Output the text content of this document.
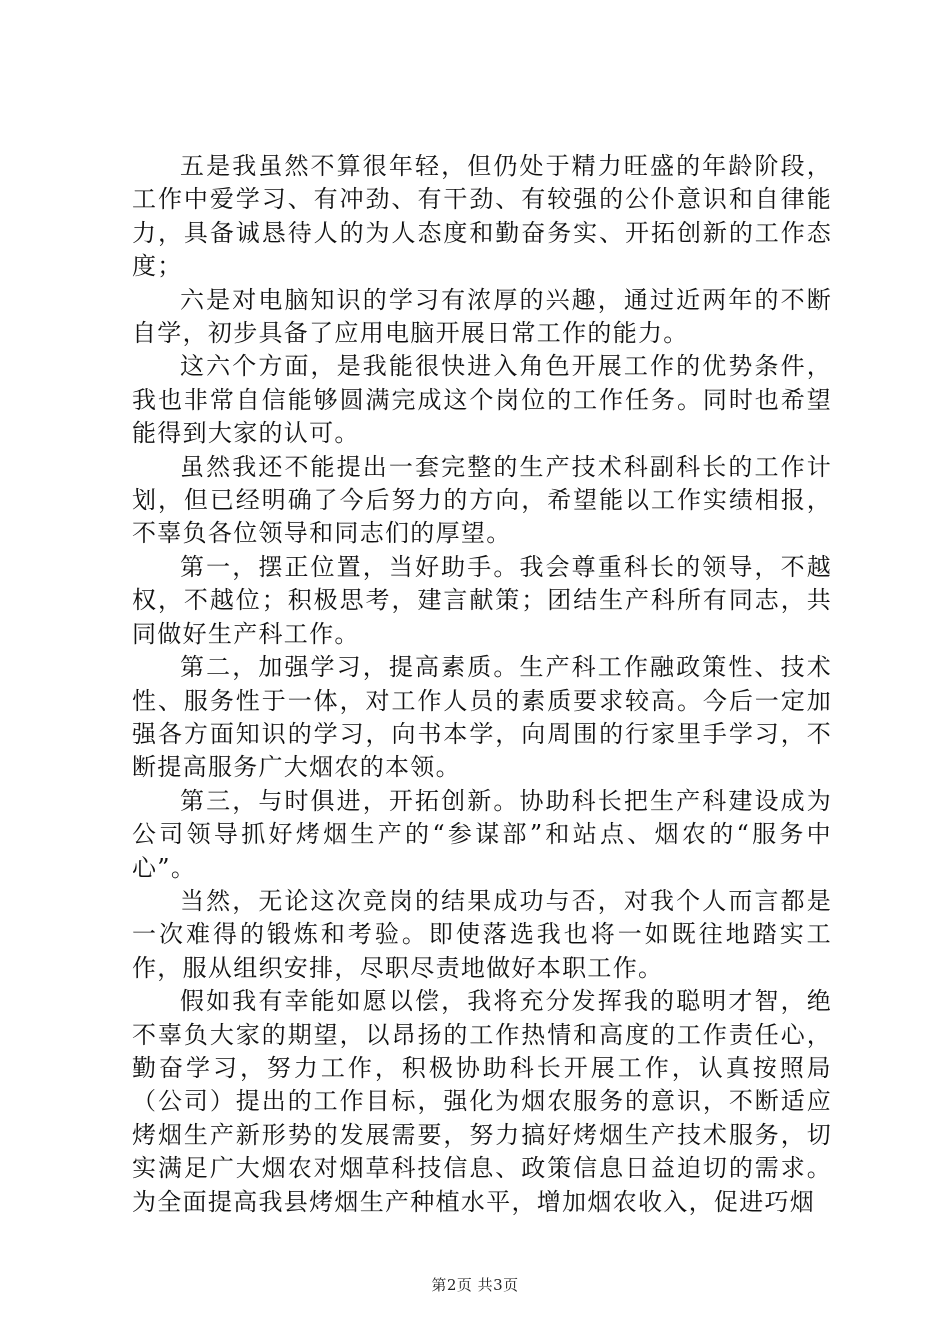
五是我虽然不算很年轻，但仍处于精力旺盛的年龄阶段，工作中爱学习、有冲劲、有干劲、有较强的公仆意识和自律能力，具备诚恳待人的为人态度和勤奋务实、开拓创新的工作态度；

六是对电脑知识的学习有浓厚的兴趣，通过近两年的不断自学，初步具备了应用电脑开展日常工作的能力。

这六个方面，是我能很快进入角色开展工作的优势条件，我也非常自信能够圆满完成这个岗位的工作任务。同时也希望能得到大家的认可。

虽然我还不能提出一套完整的生产技术科副科长的工作计划，但已经明确了今后努力的方向，希望能以工作实绩相报，不辜负各位领导和同志们的厚望。

第一，摆正位置，当好助手。我会尊重科长的领导，不越权，不越位；积极思考，建言献策；团结生产科所有同志，共同做好生产科工作。

第二，加强学习，提高素质。生产科工作融政策性、技术性、服务性于一体，对工作人员的素质要求较高。今后一定加强各方面知识的学习，向书本学，向周围的行家里手学习，不断提高服务广大烟农的本领。

第三，与时俱进，开拓创新。协助科长把生产科建设成为公司领导抓好烤烟生产的“参谋部”和站点、烟农的“服务中心”。

当然，无论这次竞岗的结果成功与否，对我个人而言都是一次难得的锻炼和考验。即使落选我也将一如既往地踏实工作，服从组织安排，尽职尽责地做好本职工作。

假如我有幸能如愿以偿，我将充分发挥我的聪明才智，绝不辜负大家的期望，以昂扬的工作热情和高度的工作责任心，勤奋学习，努力工作，积极协助科长开展工作，认真按照局（公司）提出的工作目标，强化为烟农服务的意识，不断适应烤烟生产新形势的发展需要，努力搞好烤烟生产技术服务，切实满足广大烟农对烟草科技信息、政策信息日益迫切的需求。为全面提高我县烤烟生产种植水平，增加烟农收入，促进巧烟

第2页 共3页
